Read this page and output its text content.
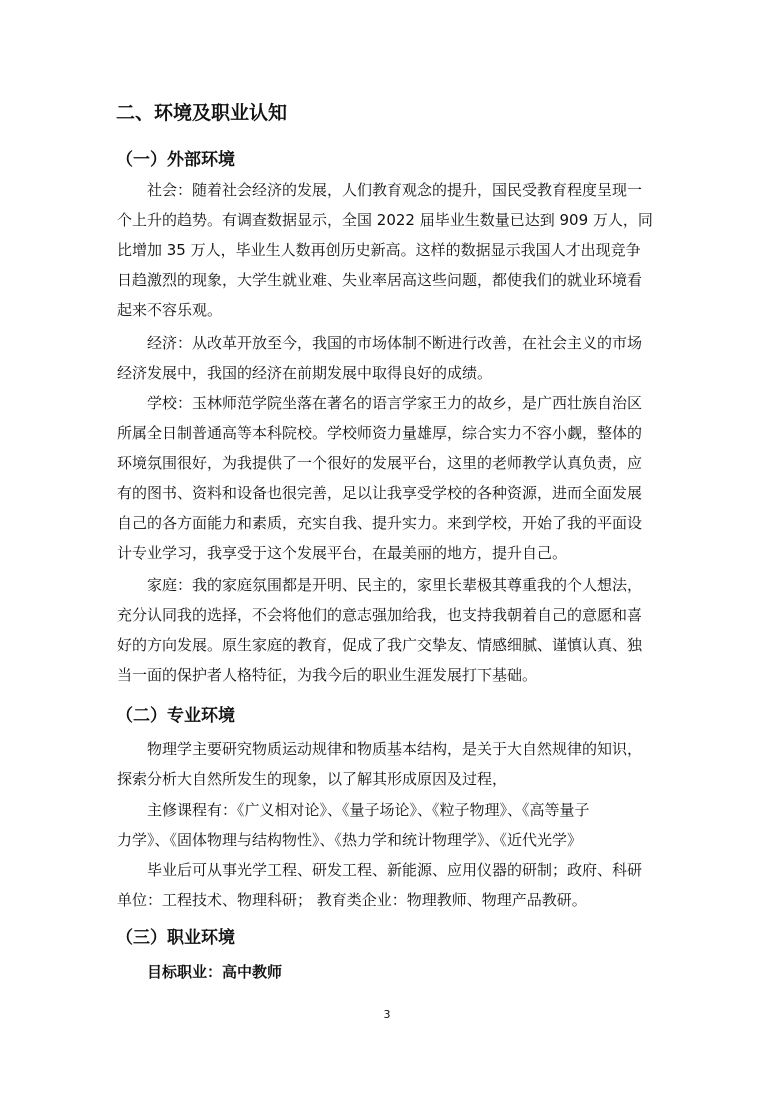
二、环境及职业认知
（一）外部环境
社会：随着社会经济的发展，人们教育观念的提升，国民受教育程度呈现一
个上升的趋势。有调查数据显示，全国 2022 届毕业生数量已达到 909 万人，同
比增加 35 万人，毕业生人数再创历史新高。这样的数据显示我国人才出现竞争
日趋激烈的现象，大学生就业难、失业率居高这些问题，都使我们的就业环境看
起来不容乐观。
经济：从改革开放至今，我国的市场体制不断进行改善，在社会主义的市场
经济发展中，我国的经济在前期发展中取得良好的成绩。
学校：玉林师范学院坐落在著名的语言学家王力的故乡，是广西壮族自治区
所属全日制普通高等本科院校。学校师资力量雄厚，综合实力不容小觑，整体的
环境氛围很好，为我提供了一个很好的发展平台，这里的老师教学认真负责，应
有的图书、资料和设备也很完善，足以让我享受学校的各种资源，进而全面发展
自己的各方面能力和素质，充实自我、提升实力。来到学校，开始了我的平面设
计专业学习，我享受于这个发展平台，在最美丽的地方，提升自己。
家庭：我的家庭氛围都是开明、民主的，家里长辈极其尊重我的个人想法，
充分认同我的选择，不会将他们的意志强加给我，也支持我朝着自己的意愿和喜
好的方向发展。原生家庭的教育，促成了我广交挚友、情感细腻、谨慎认真、独
当一面的保护者人格特征，为我今后的职业生涯发展打下基础。
（二）专业环境
物理学主要研究物质运动规律和物质基本结构，是关于大自然规律的知识，
探索分析大自然所发生的现象，以了解其形成原因及过程，
主修课程有：《广义相对论》、《量子场论》、《粒子物理》、《高等量子
力学》、《固体物理与结构物性》、《热力学和统计物理学》、《近代光学》
毕业后可从事光学工程、研发工程、新能源、应用仪器的研制；政府、科研
单位：工程技术、物理科研； 教育类企业：物理教师、物理产品教研。
（三）职业环境
目标职业：高中教师
3
